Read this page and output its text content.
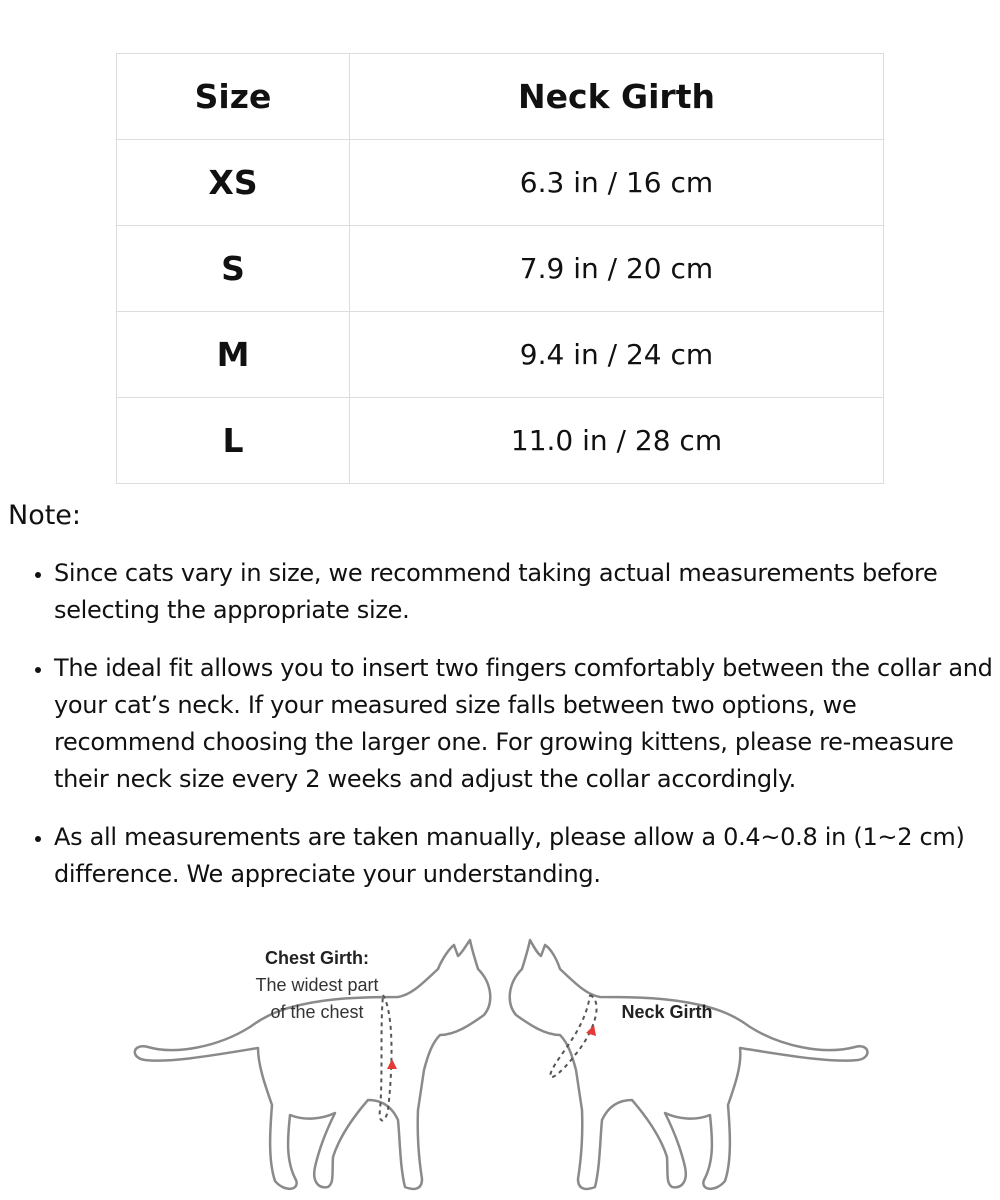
Size	Neck Girth
XS	6.3 in / 16 cm
S	7.9 in / 20 cm
M	9.4 in / 24 cm
L	11.0 in / 28 cm
Note:
• Since cats vary in size, we recommend taking actual measurements before selecting the appropriate size.
• The ideal fit allows you to insert two fingers comfortably between the collar and your cat’s neck. If your measured size falls between two options, we recommend choosing the larger one. For growing kittens, please re-measure their neck size every 2 weeks and adjust the collar accordingly.
• As all measurements are taken manually, please allow a 0.4~0.8 in (1~2 cm) difference. We appreciate your understanding.
Chest Girth:
The widest part
of the chest	Neck Girth
